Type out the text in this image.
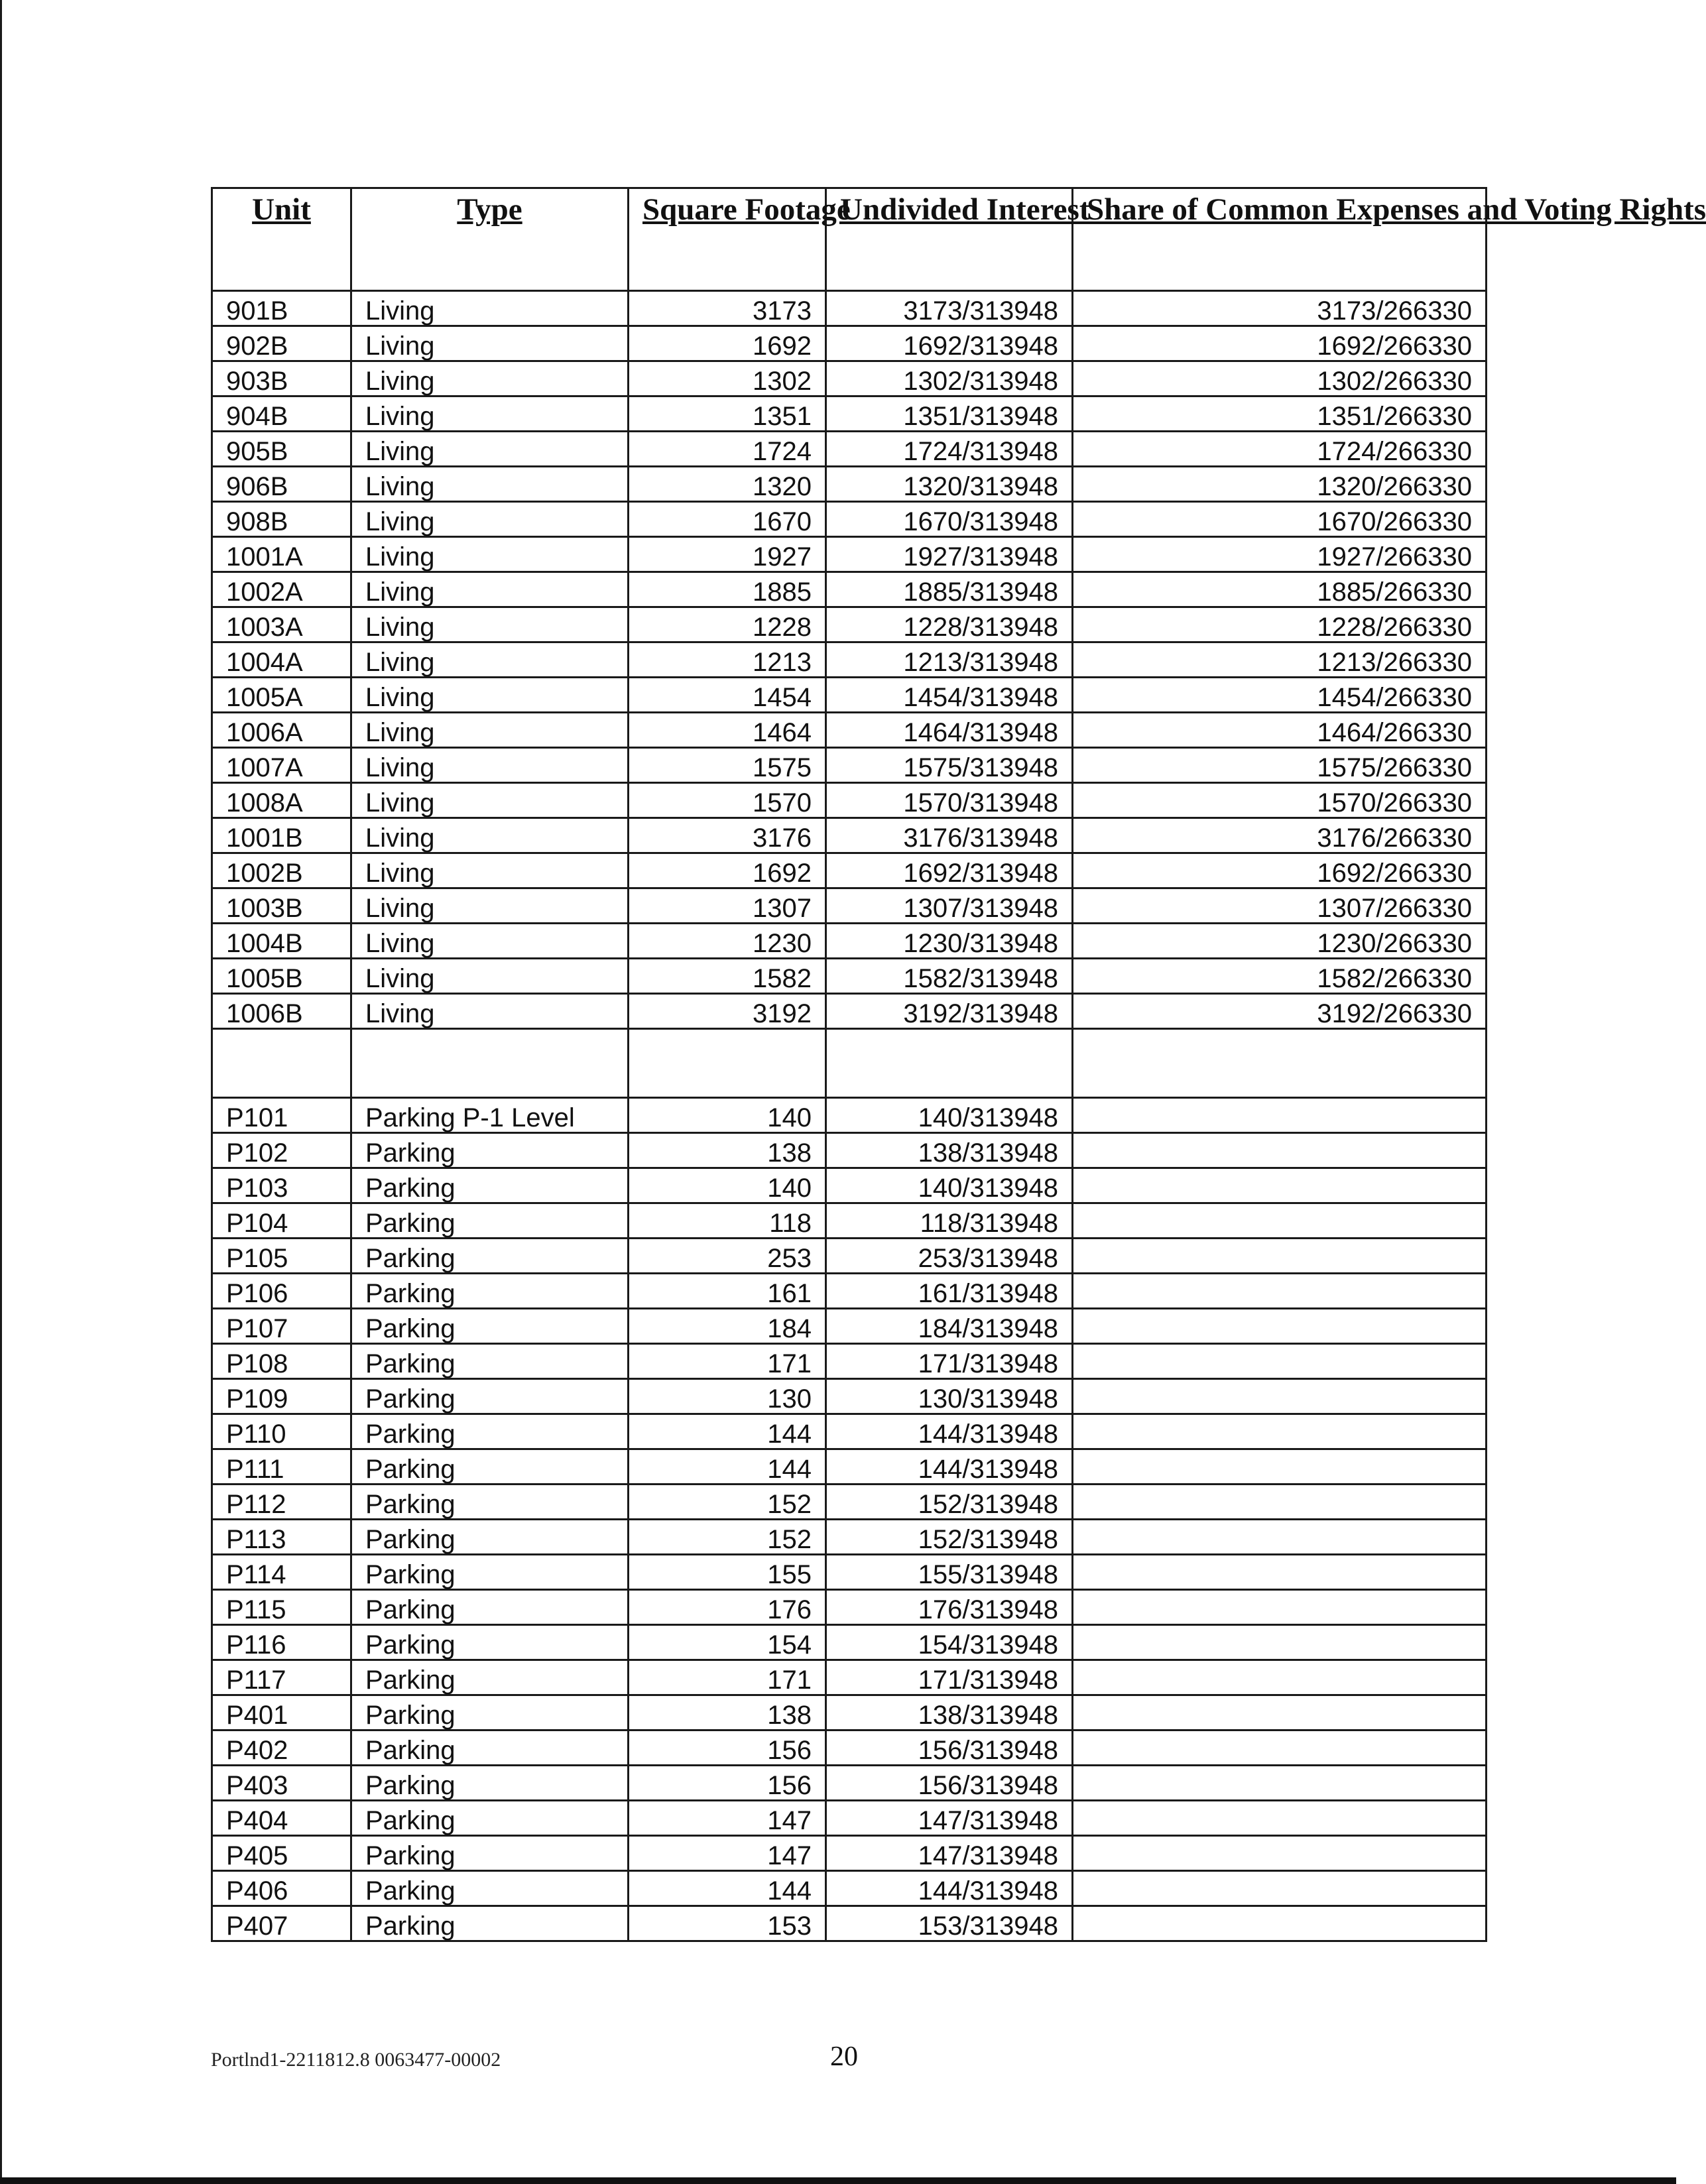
Unit	Type	Square Footage	Undivided Interest	Share of Common Expenses and Voting Rights
901B	Living	3173	3173/313948	3173/266330
902B	Living	1692	1692/313948	1692/266330
903B	Living	1302	1302/313948	1302/266330
904B	Living	1351	1351/313948	1351/266330
905B	Living	1724	1724/313948	1724/266330
906B	Living	1320	1320/313948	1320/266330
908B	Living	1670	1670/313948	1670/266330
1001A	Living	1927	1927/313948	1927/266330
1002A	Living	1885	1885/313948	1885/266330
1003A	Living	1228	1228/313948	1228/266330
1004A	Living	1213	1213/313948	1213/266330
1005A	Living	1454	1454/313948	1454/266330
1006A	Living	1464	1464/313948	1464/266330
1007A	Living	1575	1575/313948	1575/266330
1008A	Living	1570	1570/313948	1570/266330
1001B	Living	3176	3176/313948	3176/266330
1002B	Living	1692	1692/313948	1692/266330
1003B	Living	1307	1307/313948	1307/266330
1004B	Living	1230	1230/313948	1230/266330
1005B	Living	1582	1582/313948	1582/266330
1006B	Living	3192	3192/313948	3192/266330

P101	Parking P-1 Level	140	140/313948	
P102	Parking	138	138/313948	
P103	Parking	140	140/313948	
P104	Parking	118	118/313948	
P105	Parking	253	253/313948	
P106	Parking	161	161/313948	
P107	Parking	184	184/313948	
P108	Parking	171	171/313948	
P109	Parking	130	130/313948	
P110	Parking	144	144/313948	
P111	Parking	144	144/313948	
P112	Parking	152	152/313948	
P113	Parking	152	152/313948	
P114	Parking	155	155/313948	
P115	Parking	176	176/313948	
P116	Parking	154	154/313948	
P117	Parking	171	171/313948	
P401	Parking	138	138/313948	
P402	Parking	156	156/313948	
P403	Parking	156	156/313948	
P404	Parking	147	147/313948	
P405	Parking	147	147/313948	
P406	Parking	144	144/313948	
P407	Parking	153	153/313948	
Portlnd1-2211812.8 0063477-00002	20
